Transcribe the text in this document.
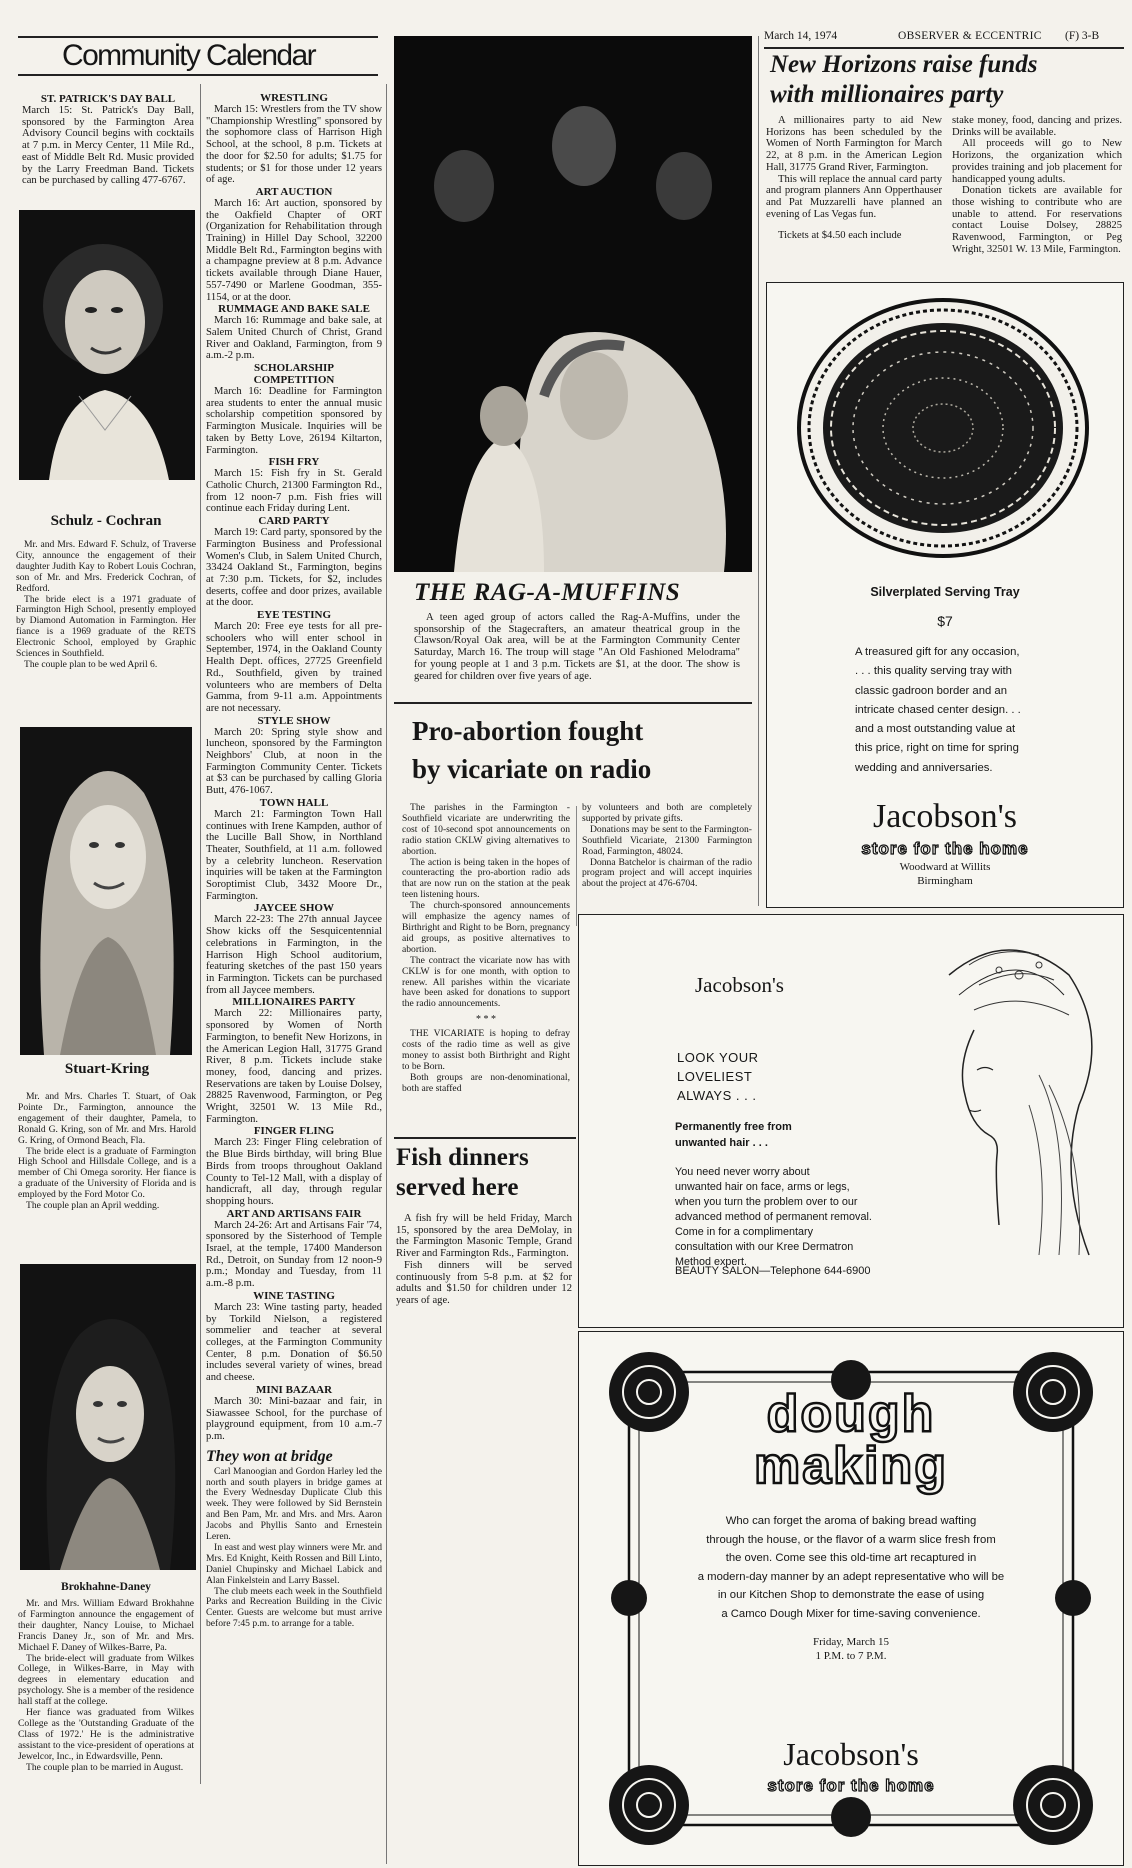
March 14, 1974	OBSERVER & ECCENTRIC (F) 3-B
Community Calendar
ST. PATRICK'S DAY BALL

March 15: St. Patrick's Day Ball, sponsored by the Farmington Area Advisory Council begins with cocktails at 7 p.m. in Mercy Center, 11 Mile Rd., east of Middle Belt Rd. Music provided by the Larry Freedman Band. Tickets can be purchased by calling 477-6767.

Schulz - Cochran

Mr. and Mrs. Edward F. Schulz, of Traverse City, announce the engagement of their daughter Judith Kay to Robert Louis Cochran, son of Mr. and Mrs. Frederick Cochran, of Redford.

The bride elect is a 1971 graduate of Farmington High School, presently employed by Diamond Automation in Farmington. Her fiance is a 1969 graduate of the RETS Electronic School, employed by Graphic Sciences in Southfield.

The couple plan to be wed April 6.

Stuart-Kring

Mr. and Mrs. Charles T. Stuart, of Oak Pointe Dr., Farmington, announce the engagement of their daughter, Pamela, to Ronald G. Kring, son of Mr. and Mrs. Harold G. Kring, of Ormond Beach, Fla.

The bride elect is a graduate of Farmington High School and Hillsdale College, and is a member of Chi Omega sorority. Her fiance is a graduate of the University of Florida and is employed by the Ford Motor Co.

The couple plan an April wedding.

Brokhahne-Daney

Mr. and Mrs. William Edward Brokhahne of Farmington announce the engagement of their daughter, Nancy Louise, to Michael Francis Daney Jr., son of Mr. and Mrs. Michael F. Daney of Wilkes-Barre, Pa.

The bride-elect will graduate from Wilkes College, in Wilkes-Barre, in May with degrees in elementary education and psychology. She is a member of the residence hall staff at the college.

Her fiance was graduated from Wilkes College as the 'Outstanding Graduate of the Class of 1972.' He is the administrative assistant to the vice-president of operations at Jewelcor, Inc., in Edwardsville, Penn.

The couple plan to be married in August.

WRESTLING

March 15: Wrestlers from the TV show "Championship Wrestling" sponsored by the sophomore class of Harrison High School, at the school, 8 p.m. Tickets at the door for $2.50 for adults; $1.75 for students; or $1 for those under 12 years of age.

ART AUCTION

March 16: Art auction, sponsored by the Oakfield Chapter of ORT (Organization for Rehabilitation through Training) in Hillel Day School, 32200 Middle Belt Rd., Farmington begins with a champagne preview at 8 p.m. Advance tickets available through Diane Hauer, 557-7490 or Marlene Goodman, 355-1154, or at the door.

RUMMAGE AND BAKE SALE

March 16: Rummage and bake sale, at Salem United Church of Christ, Grand River and Oakland, Farmington, from 9 a.m.-2 p.m.

SCHOLARSHIP COMPETITION

March 16: Deadline for Farmington area students to enter the annual music scholarship competition sponsored by Farmington Musicale. Inquiries will be taken by Betty Love, 26194 Kiltarton, Farmington.

FISH FRY

March 15: Fish fry in St. Gerald Catholic Church, 21300 Farmington Rd., from 12 noon-7 p.m. Fish fries will continue each Friday during Lent.

CARD PARTY

March 19: Card party, sponsored by the Farmington Business and Professional Women's Club, in Salem United Church, 33424 Oakland St., Farmington, begins at 7:30 p.m. Tickets, for $2, includes deserts, coffee and door prizes, available at the door.

EYE TESTING

March 20: Free eye tests for all pre-schoolers who will enter school in September, 1974, in the Oakland County Health Dept. offices, 27725 Greenfield Rd., Southfield, given by trained volunteers who are members of Delta Gamma, from 9-11 a.m. Appointments are not necessary.

STYLE SHOW

March 20: Spring style show and luncheon, sponsored by the Farmington Neighbors' Club, at noon in the Farmington Community Center. Tickets at $3 can be purchased by calling Gloria Butt, 476-1067.

TOWN HALL

March 21: Farmington Town Hall continues with Irene Kampden, author of the Lucille Ball Show, in Northland Theater, Southfield, at 11 a.m. followed by a celebrity luncheon. Reservation inquiries will be taken at the Farmington Soroptimist Club, 3432 Moore Dr., Farmington.

JAYCEE SHOW

March 22-23: The 27th annual Jaycee Show kicks off the Sesquicentennial celebrations in Farmington, in the Harrison High School auditorium, featuring sketches of the past 150 years in Farmington. Tickets can be purchased from all Jaycee members.

MILLIONAIRES PARTY

March 22: Millionaires party, sponsored by Women of North Farmington, to benefit New Horizons, in the American Legion Hall, 31775 Grand River, 8 p.m. Tickets include stake money, food, dancing and prizes. Reservations are taken by Louise Dolsey, 28825 Ravenwood, Farmington, or Peg Wright, 32501 W. 13 Mile Rd., Farmington.

FINGER FLING

March 23: Finger Fling celebration of the Blue Birds birthday, will bring Blue Birds from troops throughout Oakland County to Tel-12 Mall, with a display of handicraft, all day, through regular shopping hours.

ART AND ARTISANS FAIR

March 24-26: Art and Artisans Fair '74, sponsored by the Sisterhood of Temple Israel, at the temple, 17400 Manderson Rd., Detroit, on Sunday from 12 noon-9 p.m.; Monday and Tuesday, from 11 a.m.-8 p.m.

WINE TASTING

March 23: Wine tasting party, headed by Torkild Nielson, a registered sommelier and teacher at several colleges, at the Farmington Community Center, 8 p.m. Donation of $6.50 includes several variety of wines, bread and cheese.

MINI BAZAAR

March 30: Mini-bazaar and fair, in Siawassee School, for the purchase of playground equipment, from 10 a.m.-7 p.m.

They won at bridge

Carl Manoogian and Gordon Harley led the north and south players in bridge games at the Every Wednesday Duplicate Club this week. They were followed by Sid Bernstein and Ben Pam, Mr. and Mrs. and Mrs. Aaron Jacobs and Phyllis Santo and Ernestein Leren.

In east and west play winners were Mr. and Mrs. Ed Knight, Keith Rossen and Bill Linto, Daniel Chupinsky and Michael Labick and Alan Finkelstein and Larry Bassel.

The club meets each week in the Southfield Parks and Recreation Building in the Civic Center. Guests are welcome but must arrive before 7:45 p.m. to arrange for a table.

THE RAG-A-MUFFINS

A teen aged group of actors called the Rag-A-Muffins, under the sponsorship of the Stagecrafters, an amateur theatrical group in the Clawson/Royal Oak area, will be at the Farmington Community Center Saturday, March 16. The troup will stage "An Old Fashioned Melodrama" for young people at 1 and 3 p.m. Tickets are $1, at the door. The show is geared for children over five years of age.

Pro-abortion fought
by vicariate on radio

The parishes in the Farmington - Southfield vicariate are underwriting the cost of 10-second spot announcements on radio station CKLW giving alternatives to abortion.

The action is being taken in the hopes of counteracting the pro-abortion radio ads that are now run on the station at the peak teen listening hours.

The church-sponsored announcements will emphasize the agency names of Birthright and Right to be Born, pregnancy aid groups, as positive alternatives to abortion.

The contract the vicariate now has with CKLW is for one month, with option to renew. All parishes within the vicariate have been asked for donations to support the radio announcements.

* * *

THE VICARIATE is hoping to defray costs of the radio time as well as give money to assist both Birthright and Right to be Born.

Both groups are non-denominational, both are staffed

by volunteers and both are completely supported by private gifts.

Donations may be sent to the Farmington-Southfield Vicariate, 21300 Farmington Road, Farmington, 48024.

Donna Batchelor is chairman of the radio program project and will accept inquiries about the project at 476-6704.

Fish dinners
served here

A fish fry will be held Friday, March 15, sponsored by the area DeMolay, in the Farmington Masonic Temple, Grand River and Farmington Rds., Farmington.

Fish dinners will be served continuously from 5-8 p.m. at $2 for adults and $1.50 for children under 12 years of age.

New Horizons raise funds
with millionaires party

A millionaires party to aid New Horizons has been scheduled by the Women of North Farmington for March 22, at 8 p.m. in the American Legion Hall, 31775 Grand River, Farmington.

This will replace the annual card party and program planners Ann Opperthauser and Pat Muzzarelli have planned an evening of Las Vegas fun.

Tickets at $4.50 each include

stake money, food, dancing and prizes. Drinks will be available.

All proceeds will go to New Horizons, the organization which provides training and job placement for handicapped young adults.

Donation tickets are available for those wishing to contribute who are unable to attend. For reservations contact Louise Dolsey, 28825 Ravenwood, Farmington, or Peg Wright, 32501 W. 13 Mile, Farmington.

Silverplated Serving Tray
$7
A treasured gift for any occasion,
. . . this quality serving tray with
classic gadroon border and an
intricate chased center design. . .
and a most outstanding value at
this price, right on time for spring
wedding and anniversaries.
Jacobson's
store for the home
Woodward at Willits
Birmingham
Jacobson's
LOOK YOUR
LOVELIEST
ALWAYS . . .
Permanently free from
unwanted hair . . .
You need never worry about
unwanted hair on face, arms or legs,
when you turn the problem over to our
advanced method of permanent removal.
Come in for a complimentary
consultation with our Kree Dermatron
Method expert.
BEAUTY SALON—Telephone 644-6900
dough
making
Who can forget the aroma of baking bread wafting
through the house, or the flavor of a warm slice fresh from
the oven. Come see this old-time art recaptured in
a modern-day manner by an adept representative who will be
in our Kitchen Shop to demonstrate the ease of using
a Camco Dough Mixer for time-saving convenience.
Friday, March 15
1 P.M. to 7 P.M.
Jacobson's
store for the home
